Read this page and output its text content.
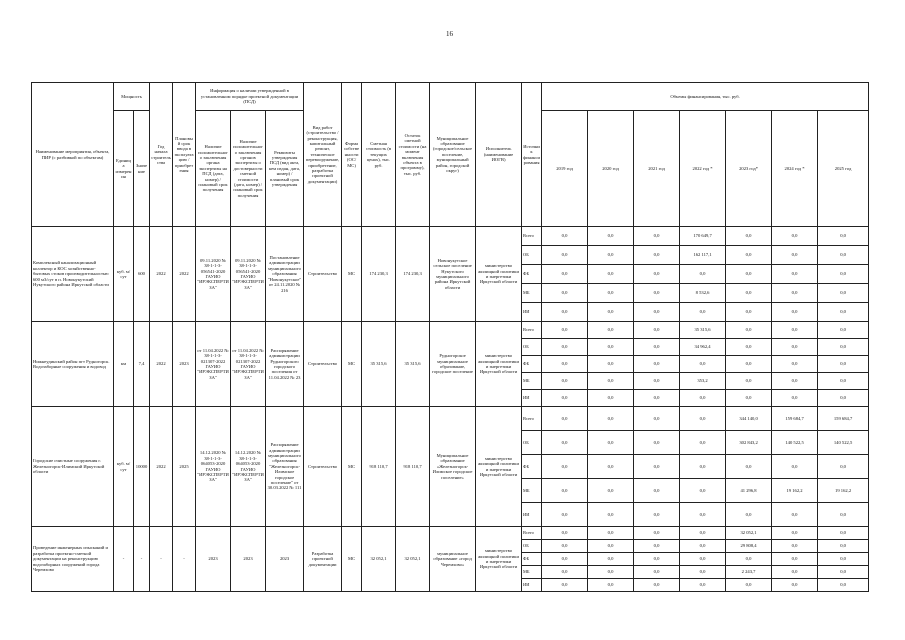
16
Наименование мероприятия, объекта, ПИР (с разбивкой по объектам)	Мощность		Год начала строительства	Плановый срок ввода в эксплуатацию / приобретения	Информация о наличии утвержденной в установленном порядке проектной документации (ПСД)			Вид работ (строительство / реконструкция, капитальный ремонт, техническое перевооружение, приобретение, разработка проектной документации)	Форма собственности (ОС/МС)	Сметная стоимость (в текущих ценах), тыс. руб.	Остаток сметной стоимости (на момент включения объекта в программу), тыс. руб.	Муниципальное образование (городское/сельское поселение, муниципальный район, городской округ)	Исполнитель (наименование ИОГВ)	Источник финансирования	Объемы финансирования, тыс. руб.						
	Единица измерения	Значение			Наличие положительного заключения органа экспертизы на ПСД (дата, номер) / плановый срок получения	Наличие положительного заключения органов экспертизы о достоверности сметной стоимости (дата, номер) / плановый срок получения	Реквизиты утверждения ПСД (вид акта, кем издан, дата, номер) / плановый срок утверждения								2019 год	2020 год	2021 год	2022 год *	2023 год*	2024 год *	2025 год
Комплексный канализационный коллектор и КОС хозяйственно-бытовых стоков производительностью 600 м3/сут в п. Новонукутский Нукутского района Иркутской области	куб. м/сут	600	2022	2022	09.11.2020 № 38-1-1-3-056541-2020 ГАУИО "ИРЭКСПЕРТИЗА"	09.11.2020 № 38-1-1-3-056541-2020 ГАУИО "ИРЭКСПЕРТИЗА"	Постановление администрации муниципального образования "Новонукутское" от 24.11.2020 № 216	Строительство	МС	174 230,3	174 230,3	Новонукутское сельское поселение Нукутского муниципального района Иркутской области	министерство жилищной политики и энергетики Иркутской области	Всего	0,0	0,0	0,0	170 649,7	0,0	0,0	0,0
														ОБ	0,0	0,0	0,0	162 117,1	0,0	0,0	0,0
														ФБ	0,0	0,0	0,0	0,0	0,0	0,0	0,0
														МБ	0,0	0,0	0,0	8 532,6	0,0	0,0	0,0
														ИИ	0,0	0,0	0,0	0,0	0,0	0,0	0,0
Нижнеудинский район пгт Рудногорск. Водозаборные сооружения и водовод	км	7,4	2022	2023	от 11.04.2022 № 38-1-1-3-021307-2022 ГАУИО "ИРЭКСПЕРТИЗА"	от 11.04.2022 № 38-1-1-3-021307-2022 ГАУИО "ИРЭКСПЕРТИЗА"	Распоряжение администрации Рудногорского городского поселения от 11.04.2022 № 23	Строительство	МС	35 315,6	35 315,6	Рудногорское муниципальное образование, городское поселение	министерство жилищной политики и энергетики Иркутской области	Всего	0,0	0,0	0,0	35 315,6	0,0	0,0	0,0
														ОБ	0,0	0,0	0,0	34 962,4	0,0	0,0	0,0
														ФБ	0,0	0,0	0,0	0,0	0,0	0,0	0,0
														МБ	0,0	0,0	0,0	353,2	0,0	0,0	0,0
														ИИ	0,0	0,0	0,0	0,0	0,0	0,0	0,0
Городские очистные сооружения г. Железногорск-Илимский Иркутской области	куб. м/сут	10000	2022	2025	14.12.2020 № 38-1-1-3-064053-2020 ГАУИО "ИРЭКСПЕРТИЗА"	14.12.2020 № 38-1-1-3-064053-2020 ГАУИО "ИРЭКСПЕРТИЗА"	Распоряжение администрации муниципального образования "Железногорск-Илимское городское поселение" от 30.03.2022 № 111	Строительство	МС	918 110,7	918 110,7	Муниципальное образование «Железногорск-Илимское городское поселение»	министерство жилищной политики и энергетики Иркутской области	Всего	0,0	0,0	0,0	0,0	344 140,0	159 684,7	159 684,7
														ОБ	0,0	0,0	0,0	0,0	302 843,2	140 522,5	140 522,5
														ФБ	0,0	0,0	0,0	0,0	0,0	0,0	0,0
														МБ	0,0	0,0	0,0	0,0	41 296,8	19 162,2	19 162,2
														ИИ	0,0	0,0	0,0	0,0	0,0	0,0	0,0
Проведение инженерных изысканий и разработка проектно-сметной документации на реконструкцию водозаборных сооружений города Черемхово	-	-	-	-	2023	2023	2023	Разработка проектной документации	МС	32 052,1	32 052,1	муниципальное образование «город Черемхово»	министерство жилищной политики и энергетики Иркутской области	Всего	0,0	0,0	0,0	0,0	32 052,1	0,0	0,0
														ОБ	0,0	0,0	0,0	0,0	29 808,4	0,0	0,0
														ФБ	0,0	0,0	0,0	0,0	0,0	0,0	0,0
														МБ	0,0	0,0	0,0	0,0	2 243,7	0,0	0,0
														ИИ	0,0	0,0	0,0	0,0	0,0	0,0	0,0
